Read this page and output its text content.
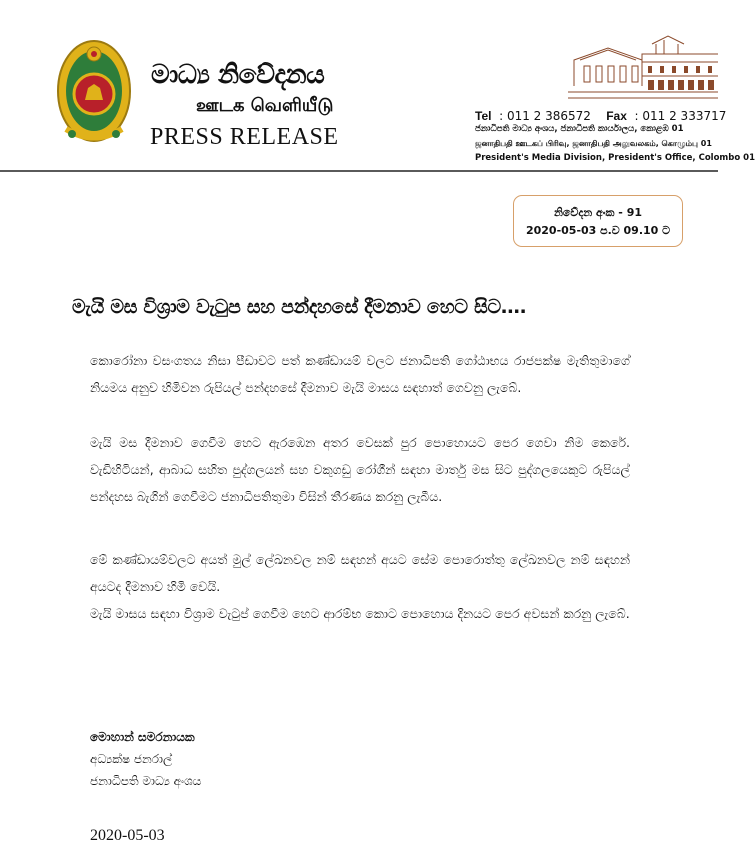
මාධ්‍ය නිවේදනය
ஊடக வெளியீடு
PRESS RELEASE
Tel : 011 2 386572 Fax : 011 2 333717
ජනාධිපති මාධ්‍ය අංශය, ජනාධිපති කාර්යාලය, කොළඹ 01
ஜனாதிபதி ஊடகப் பிரிவு, ஜனாதிபதி அலுவலகம், கொழும்பு 01
President's Media Division, President's Office, Colombo 01
නිවේදන අංක - 91
2020-05-03 ප.ව 09.10 ට
මැයි මස විශ්‍රාම වැටුප සහ පන්දහසේ දීමනාව හෙට සිට….
කොරෝනා වසංගතය නිසා පීඩාවට පත් කණ්ඩායම් වලට ජනාධිපති ගෝඨාභය රාජපක්ෂ මැතිතුමාගේ නියමය අනුව හිමිවන රුපියල් පන්දහසේ දීමනාව මැයි මාසය සඳහාත් ගෙවනු ලැබේ.
මැයි මස දීමනාව ගෙවීම හෙට ඇරඹෙන අතර වෙසක් පුර පොහොයට පෙර ගෙවා නිම කෙරේ. වැඩිහිටියන්, ආබාධ සහිත පුද්ගලයන් සහ වකුගඩු රෝගීන් සඳහා මාර්තු මස සිට පුද්ගලයෙකුට රුපියල් පන්දහස බැගින් ගෙවීමට ජනාධිපතිතුමා විසින් තීරණය කරනු ලැබීය.
මේ කණ්ඩායම්වලට අයත් මුල් ලේඛනවල නම් සඳහන් අයට සේම පොරොත්තු ලේඛනවල නම් සඳහන් අයටද දීමනාව හිමි වෙයි.
මැයි මාසය සඳහා විශ්‍රාම වැටුප් ගෙවීම හෙට ආරම්භ කොට පොහොය දිනයට පෙර අවසන් කරනු ලැබේ.
මොහාන් සමරනායක
අධ්‍යක්ෂ ජනරාල්
ජනාධිපති මාධ්‍ය අංශය
2020-05-03
